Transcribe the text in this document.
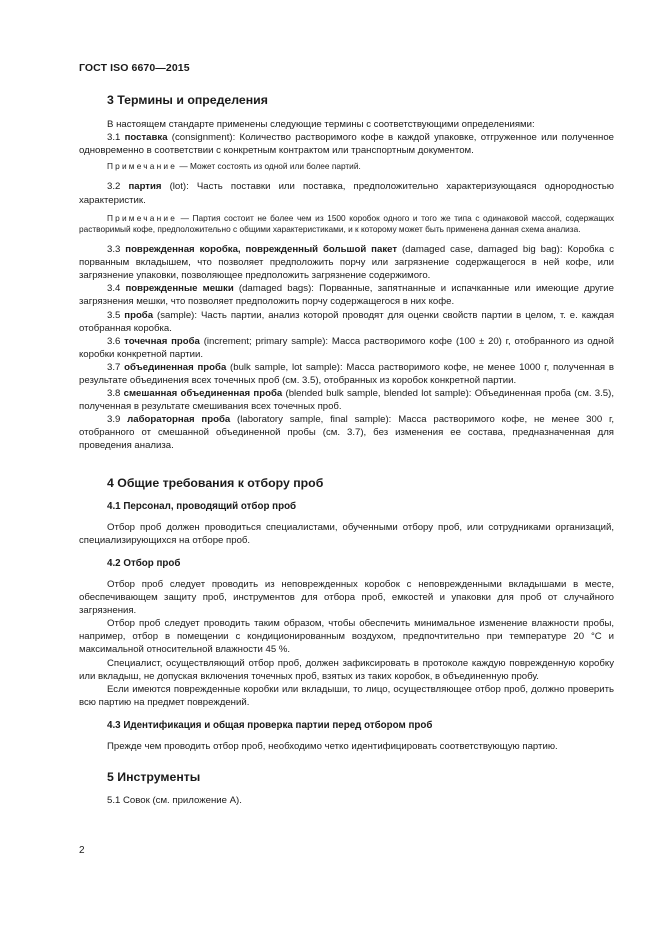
ГОСТ ISO 6670—2015

3 Термины и определения

В настоящем стандарте применены следующие термины с соответствующими определениями:

3.1 поставка (consignment): Количество растворимого кофе в каждой упаковке, отгруженное или полученное одновременно в соответствии с конкретным контрактом или транспортным документом.

Примечание — Может состоять из одной или более партий.

3.2 партия (lot): Часть поставки или поставка, предположительно характеризующаяся однородностью характеристик.

Примечание — Партия состоит не более чем из 1500 коробок одного и того же типа с одинаковой массой, содержащих растворимый кофе, предположительно с общими характеристиками, и к которому может быть применена данная схема анализа.

3.3 поврежденная коробка, поврежденный большой пакет (damaged case, damaged big bag): Коробка с порванным вкладышем, что позволяет предположить порчу или загрязнение содержащегося в ней кофе, или загрязнение упаковки, позволяющее предположить загрязнение содержимого.

3.4 поврежденные мешки (damaged bags): Порванные, запятнанные и испачканные или имеющие другие загрязнения мешки, что позволяет предположить порчу содержащегося в них кофе.

3.5 проба (sample): Часть партии, анализ которой проводят для оценки свойств партии в целом, т. е. каждая отобранная коробка.

3.6 точечная проба (increment; primary sample): Масса растворимого кофе (100 ± 20) г, отобранного из одной коробки конкретной партии.

3.7 объединенная проба (bulk sample, lot sample): Масса растворимого кофе, не менее 1000 г, полученная в результате объединения всех точечных проб (см. 3.5), отобранных из коробок конкретной партии.

3.8 смешанная объединенная проба (blended bulk sample, blended lot sample): Объединенная проба (см. 3.5), полученная в результате смешивания всех точечных проб.

3.9 лабораторная проба (laboratory sample, final sample): Масса растворимого кофе, не менее 300 г, отобранного от смешанной объединенной пробы (см. 3.7), без изменения ее состава, предназначенная для проведения анализа.

4 Общие требования к отбору проб

4.1 Персонал, проводящий отбор проб

Отбор проб должен проводиться специалистами, обученными отбору проб, или сотрудниками организаций, специализирующихся на отборе проб.

4.2 Отбор проб

Отбор проб следует проводить из неповрежденных коробок с неповрежденными вкладышами в месте, обеспечивающем защиту проб, инструментов для отбора проб, емкостей и упаковки для проб от случайного загрязнения.

Отбор проб следует проводить таким образом, чтобы обеспечить минимальное изменение влажности пробы, например, отбор в помещении с кондиционированным воздухом, предпочтительно при температуре 20 °С и максимальной относительной влажности 45 %.

Специалист, осуществляющий отбор проб, должен зафиксировать в протоколе каждую поврежденную коробку или вкладыш, не допуская включения точечных проб, взятых из таких коробок, в объединенную пробу.

Если имеются поврежденные коробки или вкладыши, то лицо, осуществляющее отбор проб, должно проверить всю партию на предмет повреждений.

4.3 Идентификация и общая проверка партии перед отбором проб

Прежде чем проводить отбор проб, необходимо четко идентифицировать соответствующую партию.

5 Инструменты

5.1 Совок (см. приложение А).

2
